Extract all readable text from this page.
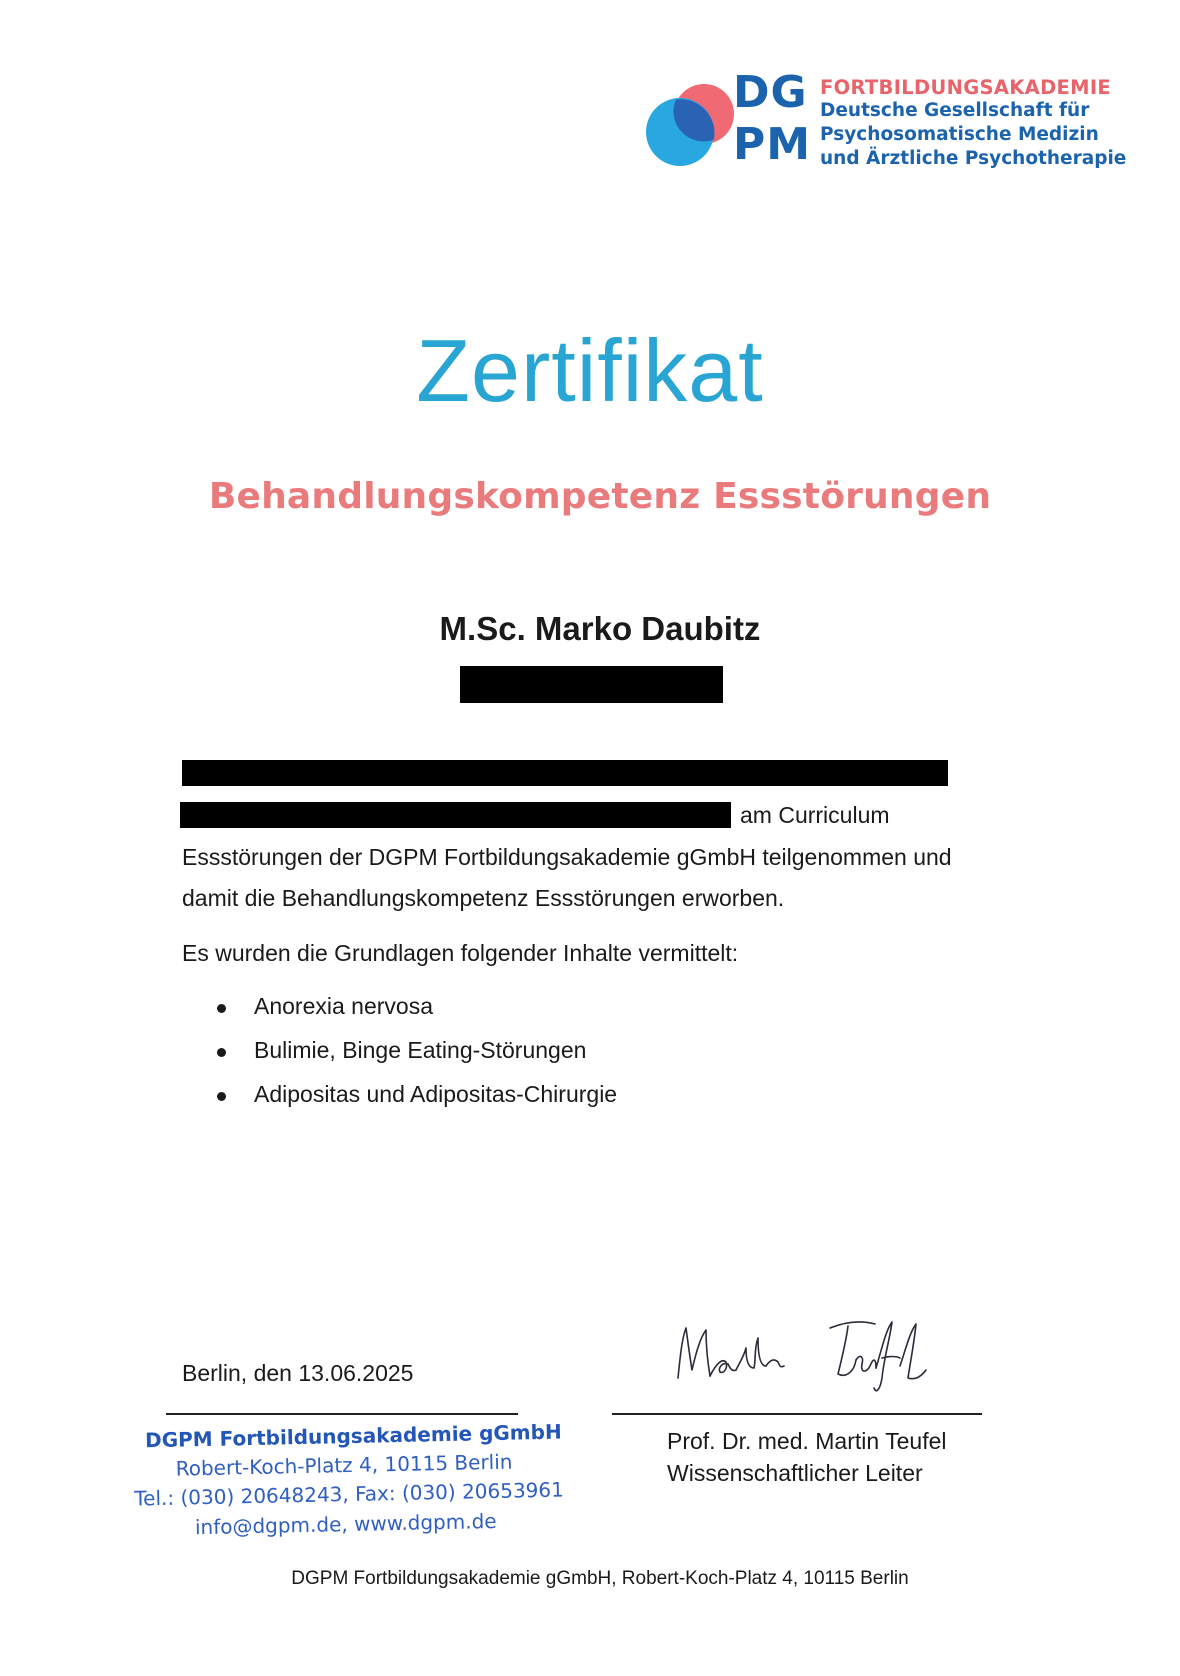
DG
PM
FORTBILDUNGSAKADEMIE
Deutsche Gesellschaft für
Psychosomatische Medizin
und Ärztliche Psychotherapie
Zertifikat
Behandlungskompetenz Essstörungen
M.Sc. Marko Daubitz
am Curriculum
Essstörungen der DGPM Fortbildungsakademie gGmbH teilgenommen und
damit die Behandlungskompetenz Essstörungen erworben.
Es wurden die Grundlagen folgender Inhalte vermittelt:
Anorexia nervosa
Bulimie, Binge Eating-Störungen
Adipositas und Adipositas-Chirurgie
Berlin, den 13.06.2025
Prof. Dr. med. Martin Teufel
Wissenschaftlicher Leiter
DGPM Fortbildungsakademie gGmbH
Robert-Koch-Platz 4, 10115 Berlin
Tel.: (030) 20648243, Fax: (030) 20653961
info@dgpm.de, www.dgpm.de
DGPM Fortbildungsakademie gGmbH, Robert-Koch-Platz 4, 10115 Berlin
